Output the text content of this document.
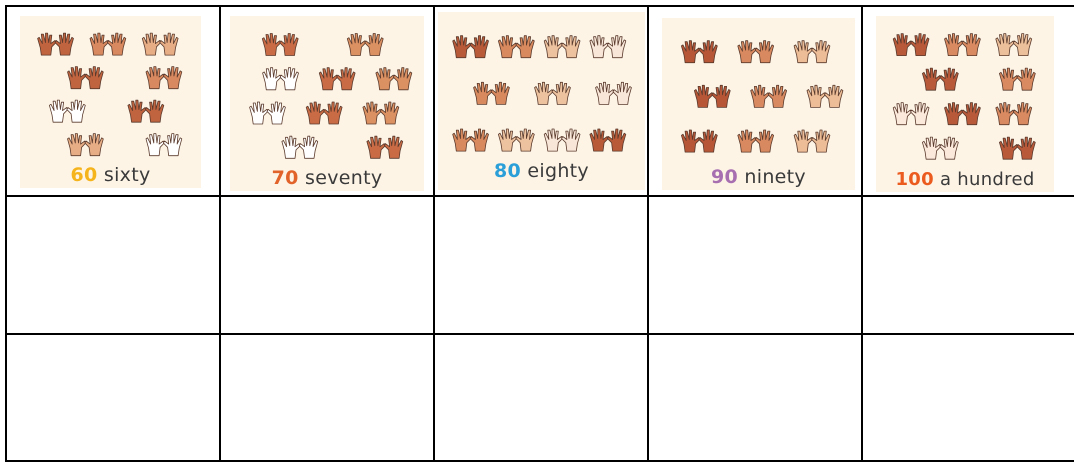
60 sixty	70 seventy	80 eighty	90 ninety	100 a hundred
